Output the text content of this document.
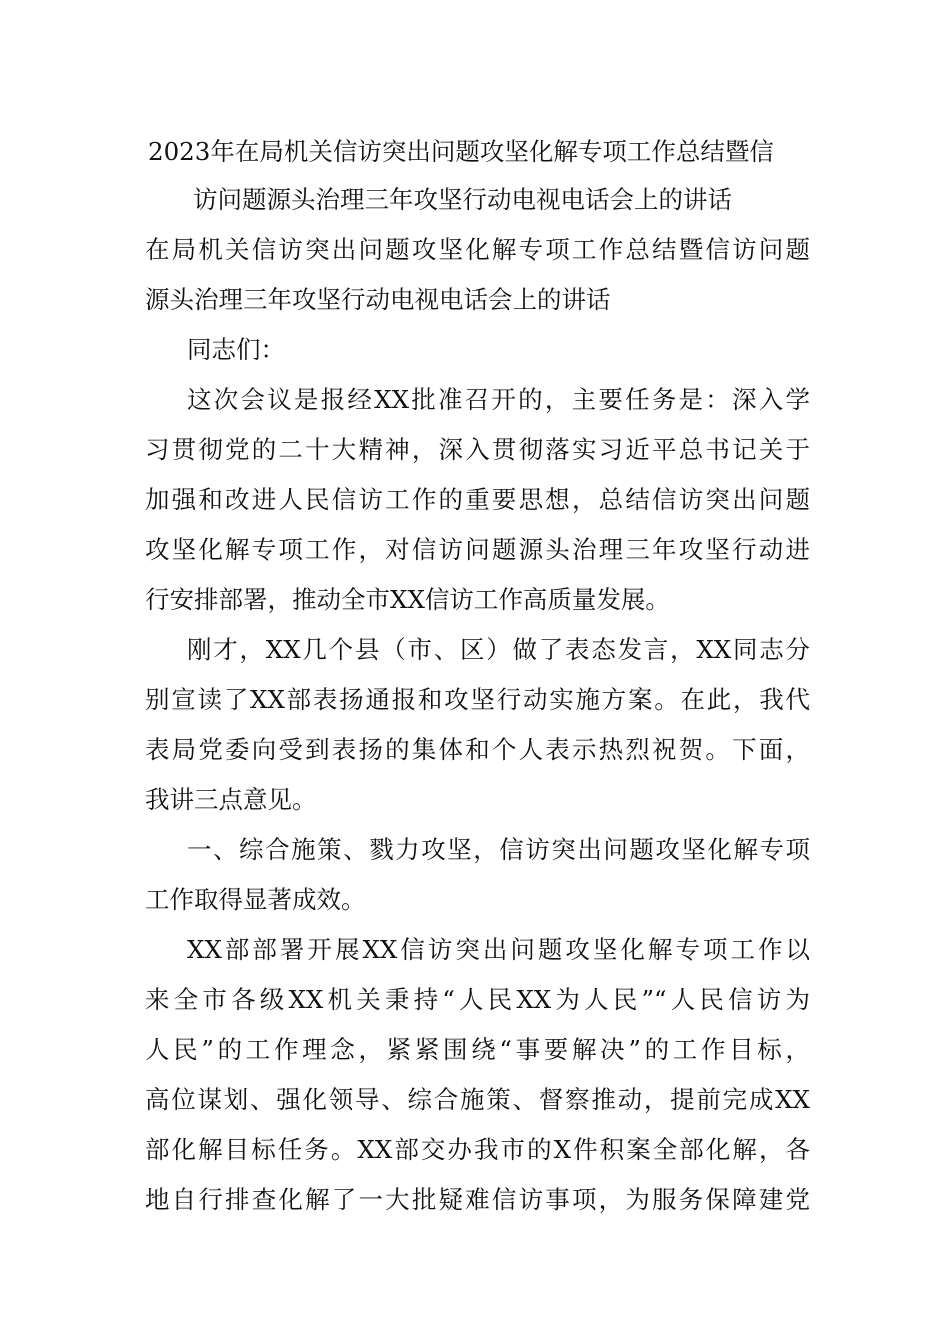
2023年在局机关信访突出问题攻坚化解专项工作总结暨信
访问题源头治理三年攻坚行动电视电话会上的讲话
在局机关信访突出问题攻坚化解专项工作总结暨信访问题
源头治理三年攻坚行动电视电话会上的讲话
同志们：
这次会议是报经XX批准召开的，主要任务是：深入学
习贯彻党的二十大精神，深入贯彻落实习近平总书记关于
加强和改进人民信访工作的重要思想，总结信访突出问题
攻坚化解专项工作，对信访问题源头治理三年攻坚行动进
行安排部署，推动全市XX信访工作高质量发展。
刚才，XX几个县（市、区）做了表态发言，XX同志分
别宣读了XX部表扬通报和攻坚行动实施方案。在此，我代
表局党委向受到表扬的集体和个人表示热烈祝贺。下面，
我讲三点意见。
一、综合施策、戮力攻坚，信访突出问题攻坚化解专项
工作取得显著成效。
XX部部署开展XX信访突出问题攻坚化解专项工作以
来全市各级XX机关秉持“人民XX为人民”“人民信访为
人民”的工作理念，紧紧围绕“事要解决”的工作目标，
高位谋划、强化领导、综合施策、督察推动，提前完成XX
部化解目标任务。XX部交办我市的X件积案全部化解，各
地自行排查化解了一大批疑难信访事项，为服务保障建党
